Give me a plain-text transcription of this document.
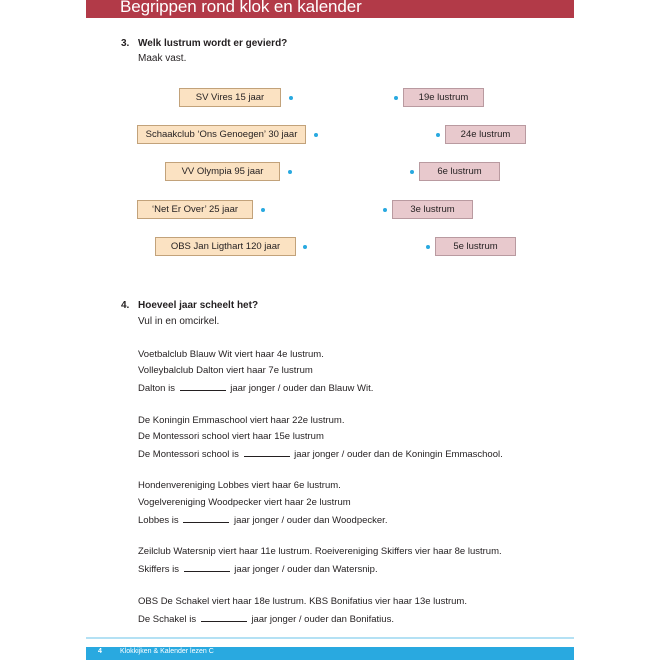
Begrippen rond klok en kalender
3. Welk lustrum wordt er gevierd?
Maak vast.
SV Vires 15 jaar
Schaakclub ‘Ons Genoegen’ 30 jaar
VV Olympia 95 jaar
‘Net Er Over’ 25 jaar
OBS Jan Ligthart 120 jaar
19e lustrum
24e lustrum
6e lustrum
3e lustrum
5e lustrum
4. Hoeveel jaar scheelt het?
Vul in en omcirkel.
Voetbalclub Blauw Wit viert haar 4e lustrum.
Volleybalclub Dalton viert haar 7e lustrum
Dalton is	jaar jonger / ouder dan Blauw Wit.
De Koningin Emmaschool viert haar 22e lustrum.
De Montessori school viert haar 15e lustrum
De Montessori school is	jaar jonger / ouder dan de Koningin Emmaschool.
Hondenvereniging Lobbes viert haar 6e lustrum.
Vogelvereniging Woodpecker viert haar 2e lustrum
Lobbes is	jaar jonger / ouder dan Woodpecker.
Zeilclub Watersnip viert haar 11e lustrum. Roeivereniging Skiffers vier haar 8e lustrum.
Skiffers is	jaar jonger / ouder dan Watersnip.
OBS De Schakel viert haar 18e lustrum. KBS Bonifatius vier haar 13e lustrum.
De Schakel is	jaar jonger / ouder dan Bonifatius.
4	Klokkijken & Kalender lezen C
